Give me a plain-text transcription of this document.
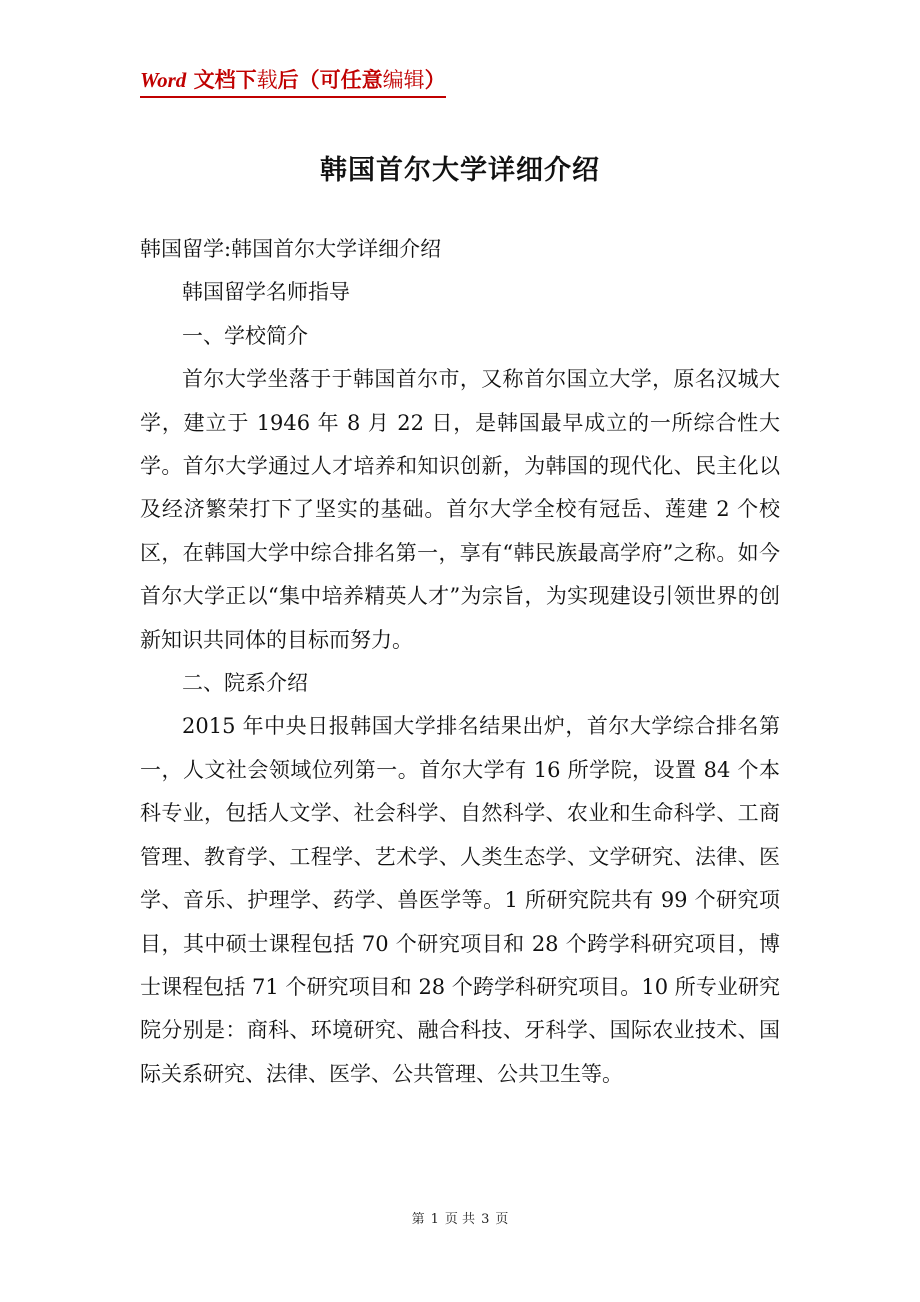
Word 文档下载后（可任意编辑）
韩国首尔大学详细介绍

韩国留学:韩国首尔大学详细介绍

韩国留学名师指导

一、学校简介

首尔大学坐落于于韩国首尔市，又称首尔国立大学，原名汉城大学，建立于 1946 年 8 月 22 日，是韩国最早成立的一所综合性大学。首尔大学通过人才培养和知识创新，为韩国的现代化、民主化以及经济繁荣打下了坚实的基础。首尔大学全校有冠岳、莲建 2 个校区，在韩国大学中综合排名第一，享有“韩民族最高学府”之称。如今首尔大学正以“集中培养精英人才”为宗旨，为实现建设引领世界的创新知识共同体的目标而努力。

二、院系介绍

2015 年中央日报韩国大学排名结果出炉，首尔大学综合排名第一，人文社会领域位列第一。首尔大学有 16 所学院，设置 84 个本科专业，包括人文学、社会科学、自然科学、农业和生命科学、工商管理、教育学、工程学、艺术学、人类生态学、文学研究、法律、医学、音乐、护理学、药学、兽医学等。1 所研究院共有 99 个研究项目，其中硕士课程包括 70 个研究项目和 28 个跨学科研究项目，博士课程包括 71 个研究项目和 28 个跨学科研究项目。10 所专业研究院分别是：商科、环境研究、融合科技、牙科学、国际农业技术、国际关系研究、法律、医学、公共管理、公共卫生等。

第 1 页 共 3 页
